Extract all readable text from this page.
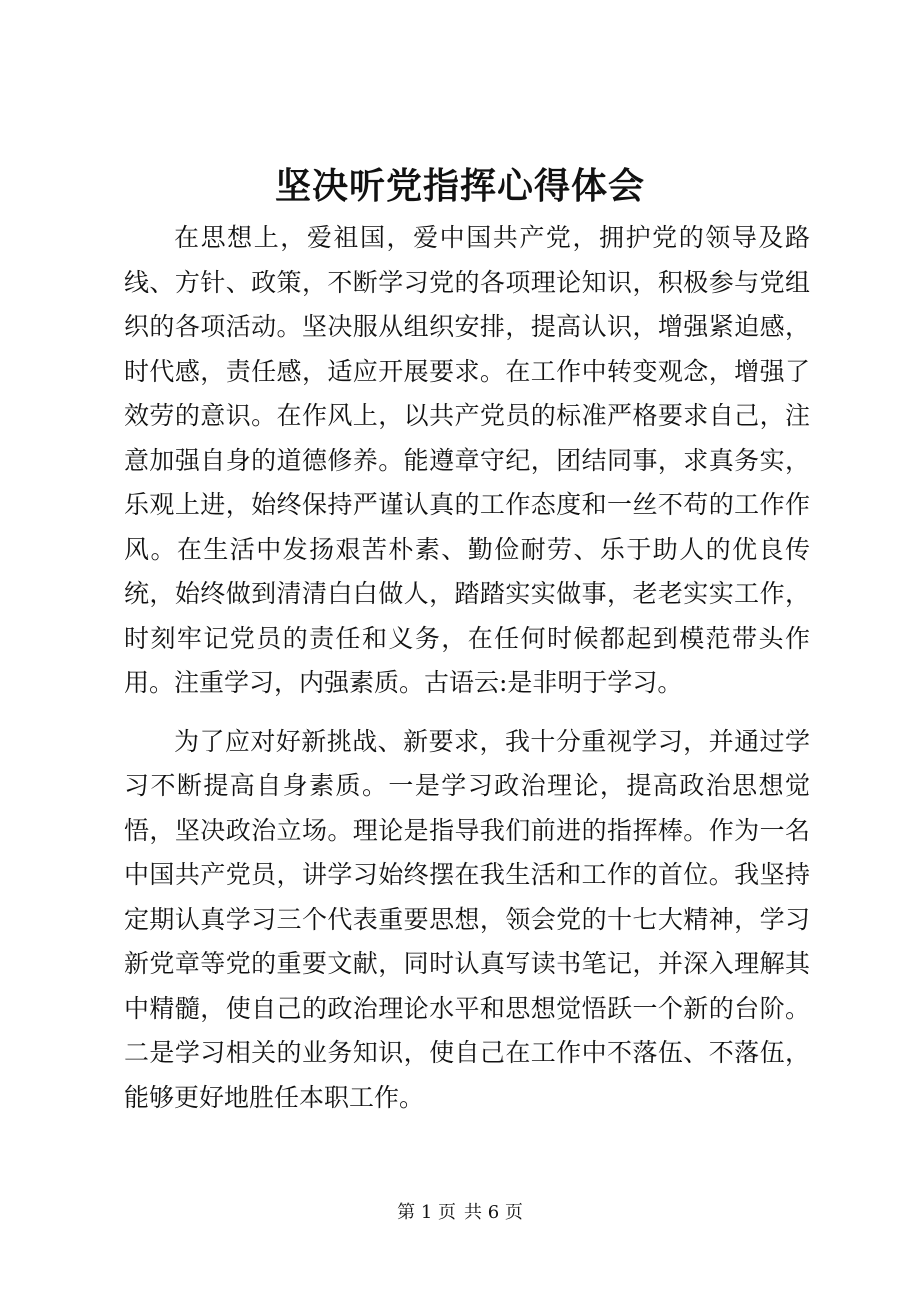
坚决听党指挥心得体会

在思想上，爱祖国，爱中国共产党，拥护党的领导及路线、方针、政策，不断学习党的各项理论知识，积极参与党组织的各项活动。坚决服从组织安排，提高认识，增强紧迫感，时代感，责任感，适应开展要求。在工作中转变观念，增强了效劳的意识。在作风上，以共产党员的标准严格要求自己，注意加强自身的道德修养。能遵章守纪，团结同事，求真务实，乐观上进，始终保持严谨认真的工作态度和一丝不苟的工作作风。在生活中发扬艰苦朴素、勤俭耐劳、乐于助人的优良传统，始终做到清清白白做人，踏踏实实做事，老老实实工作，时刻牢记党员的责任和义务，在任何时候都起到模范带头作用。注重学习，内强素质。古语云:是非明于学习。

为了应对好新挑战、新要求，我十分重视学习，并通过学习不断提高自身素质。一是学习政治理论，提高政治思想觉悟，坚决政治立场。理论是指导我们前进的指挥棒。作为一名中国共产党员，讲学习始终摆在我生活和工作的首位。我坚持定期认真学习三个代表重要思想，领会党的十七大精神，学习新党章等党的重要文献，同时认真写读书笔记，并深入理解其中精髓，使自己的政治理论水平和思想觉悟跃一个新的台阶。二是学习相关的业务知识，使自己在工作中不落伍、不落伍，能够更好地胜任本职工作。

第 1 页 共 6 页
